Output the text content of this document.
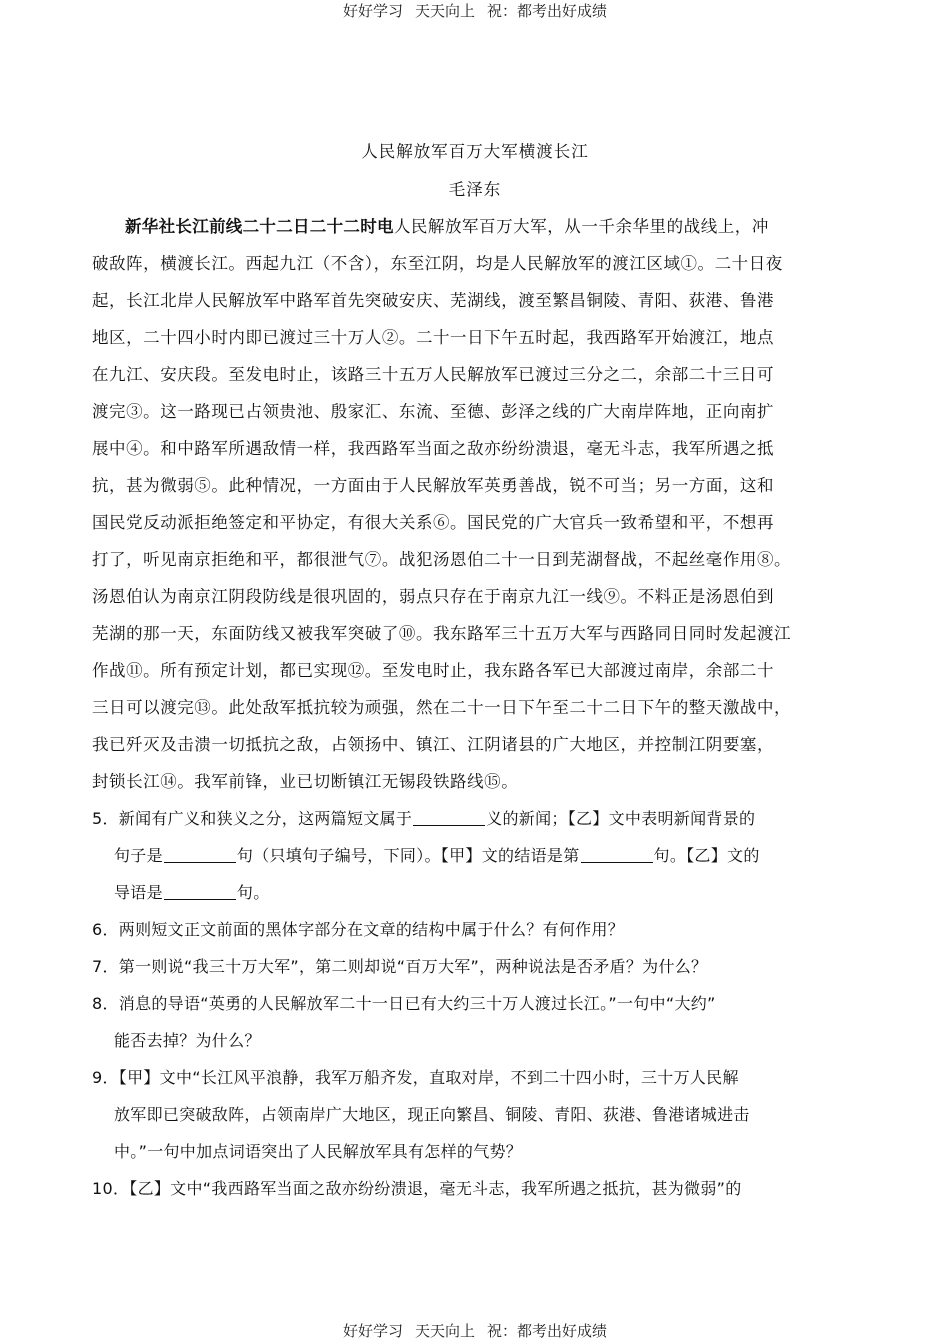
好好学习 天天向上 祝：都考出好成绩
人民解放军百万大军横渡长江
毛泽东
新华社长江前线二十二日二十二时电人民解放军百万大军，从一千余华里的战线上，冲
破敌阵，横渡长江。西起九江（不含），东至江阴，均是人民解放军的渡江区域①。二十日夜
起，长江北岸人民解放军中路军首先突破安庆、芜湖线，渡至繁昌铜陵、青阳、荻港、鲁港
地区，二十四小时内即已渡过三十万人②。二十一日下午五时起，我西路军开始渡江，地点
在九江、安庆段。至发电时止，该路三十五万人民解放军已渡过三分之二，余部二十三日可
渡完③。这一路现已占领贵池、殷家汇、东流、至德、彭泽之线的广大南岸阵地，正向南扩
展中④。和中路军所遇敌情一样，我西路军当面之敌亦纷纷溃退，毫无斗志，我军所遇之抵
抗，甚为微弱⑤。此种情况，一方面由于人民解放军英勇善战，锐不可当；另一方面，这和
国民党反动派拒绝签定和平协定，有很大关系⑥。国民党的广大官兵一致希望和平，不想再
打了，听见南京拒绝和平，都很泄气⑦。战犯汤恩伯二十一日到芜湖督战，不起丝毫作用⑧。
汤恩伯认为南京江阴段防线是很巩固的，弱点只存在于南京九江一线⑨。不料正是汤恩伯到
芜湖的那一天，东面防线又被我军突破了⑩。我东路军三十五万大军与西路同日同时发起渡江
作战⑪。所有预定计划，都已实现⑫。至发电时止，我东路各军已大部渡过南岸，余部二十
三日可以渡完⑬。此处敌军抵抗较为顽强，然在二十一日下午至二十二日下午的整天激战中，
我已歼灭及击溃一切抵抗之敌，占领扬中、镇江、江阴诸县的广大地区，并控制江阴要塞，
封锁长江⑭。我军前锋，业已切断镇江无锡段铁路线⑮。
5．新闻有广义和狭义之分，这两篇短文属于	义的新闻；【乙】文中表明新闻背景的
句子是	句（只填句子编号，下同）。【甲】文的结语是第	句。【乙】文的
导语是	句。
6．两则短文正文前面的黑体字部分在文章的结构中属于什么？有何作用？
7．第一则说“我三十万大军”，第二则却说“百万大军”，两种说法是否矛盾？为什么？
8．消息的导语“英勇的人民解放军二十一日已有大约三十万人渡过长江。”一句中“大约”
能否去掉？为什么？
9．【甲】文中“长江风平浪静，我军万船齐发，直取对岸，不到二十四小时，三十万人民解
放军即已突破敌阵，占领南岸广大地区，现正向繁昌、铜陵、青阳、荻港、鲁港诸城进击
中。”一句中加点词语突出了人民解放军具有怎样的气势？
10．【乙】文中“我西路军当面之敌亦纷纷溃退，毫无斗志，我军所遇之抵抗，甚为微弱”的
好好学习 天天向上 祝：都考出好成绩
